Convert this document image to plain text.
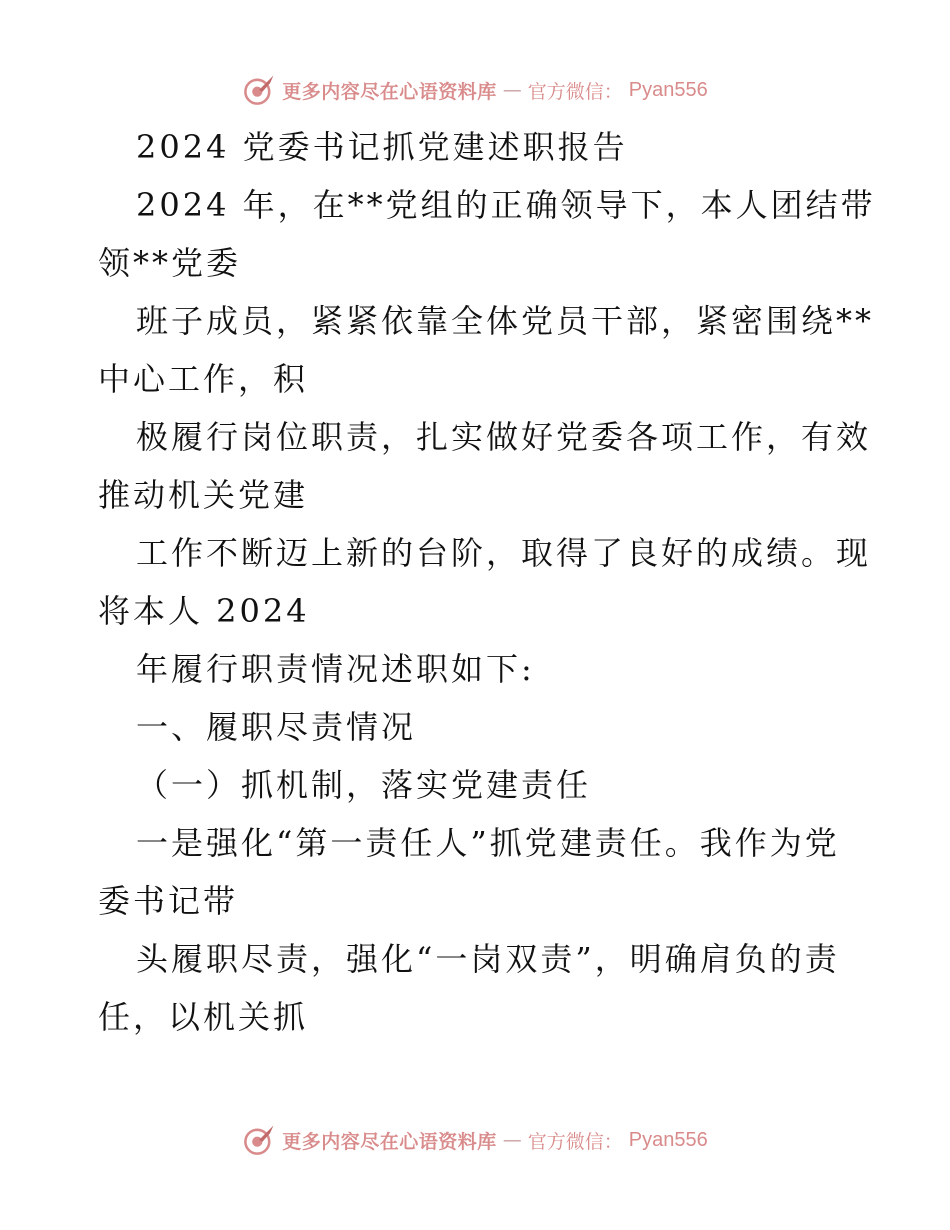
更多内容尽在心语资料库 — 官方微信： Pyan556
2024 党委书记抓党建述职报告
2024 年，在**党组的正确领导下，本人团结带
领**党委
班子成员，紧紧依靠全体党员干部，紧密围绕**
中心工作，积
极履行岗位职责，扎实做好党委各项工作，有效
推动机关党建
工作不断迈上新的台阶，取得了良好的成绩。现
将本人 2024
年履行职责情况述职如下:
一、履职尽责情况
（一）抓机制，落实党建责任
一是强化“第一责任人”抓党建责任。我作为党
委书记带
头履职尽责，强化“一岗双责”，明确肩负的责
任，以机关抓
更多内容尽在心语资料库 — 官方微信： Pyan556
